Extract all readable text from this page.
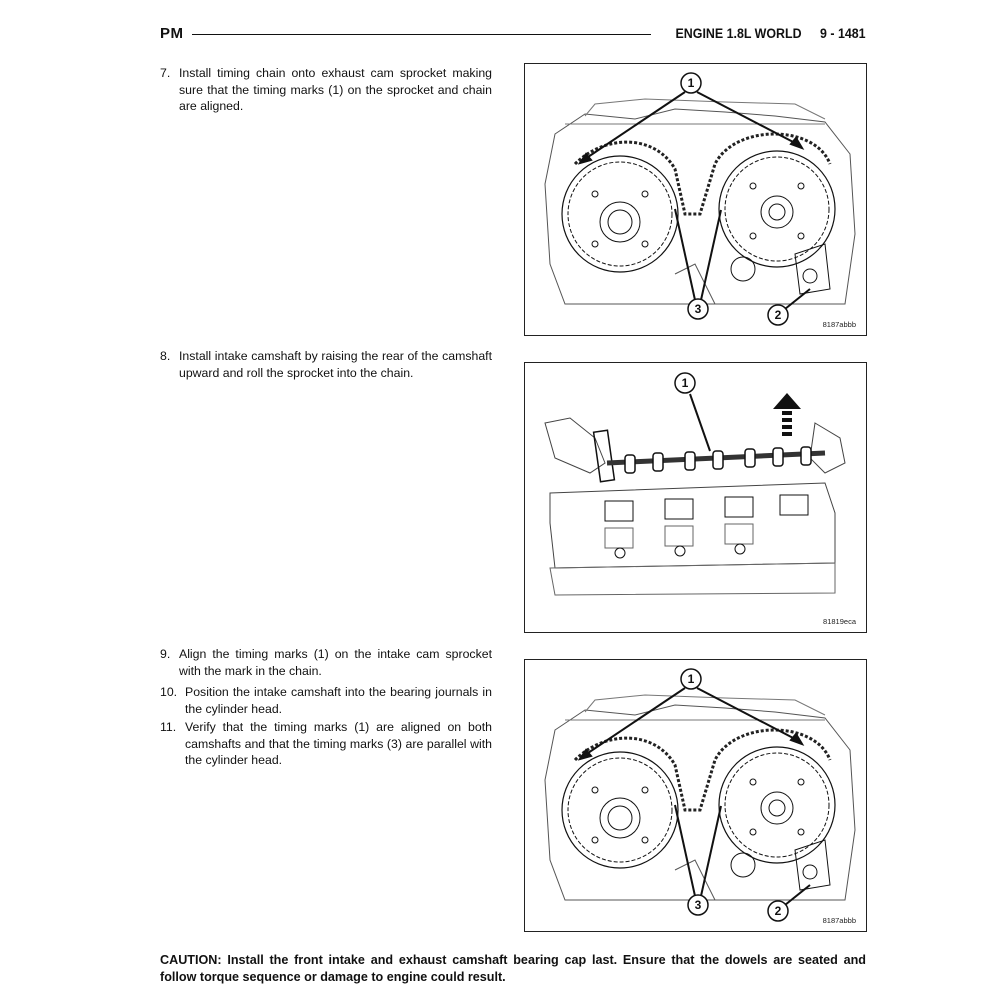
PM	ENGINE 1.8L WORLD 9 - 1481
7. Install timing chain onto exhaust cam sprocket making sure that the timing marks (1) on the sprocket and chain are aligned.
8. Install intake camshaft by raising the rear of the camshaft upward and roll the sprocket into the chain.
9. Align the timing marks (1) on the intake cam sprocket with the mark in the chain.
10. Position the intake camshaft into the bearing journals in the cylinder head.
11. Verify that the timing marks (1) are aligned on both camshafts and that the timing marks (3) are parallel with the cylinder head.
1
3	2
8187abbb
1
81819eca
1
3	2
8187abbb
CAUTION: Install the front intake and exhaust camshaft bearing cap last. Ensure that the dowels are seated and follow torque sequence or damage to engine could result.
